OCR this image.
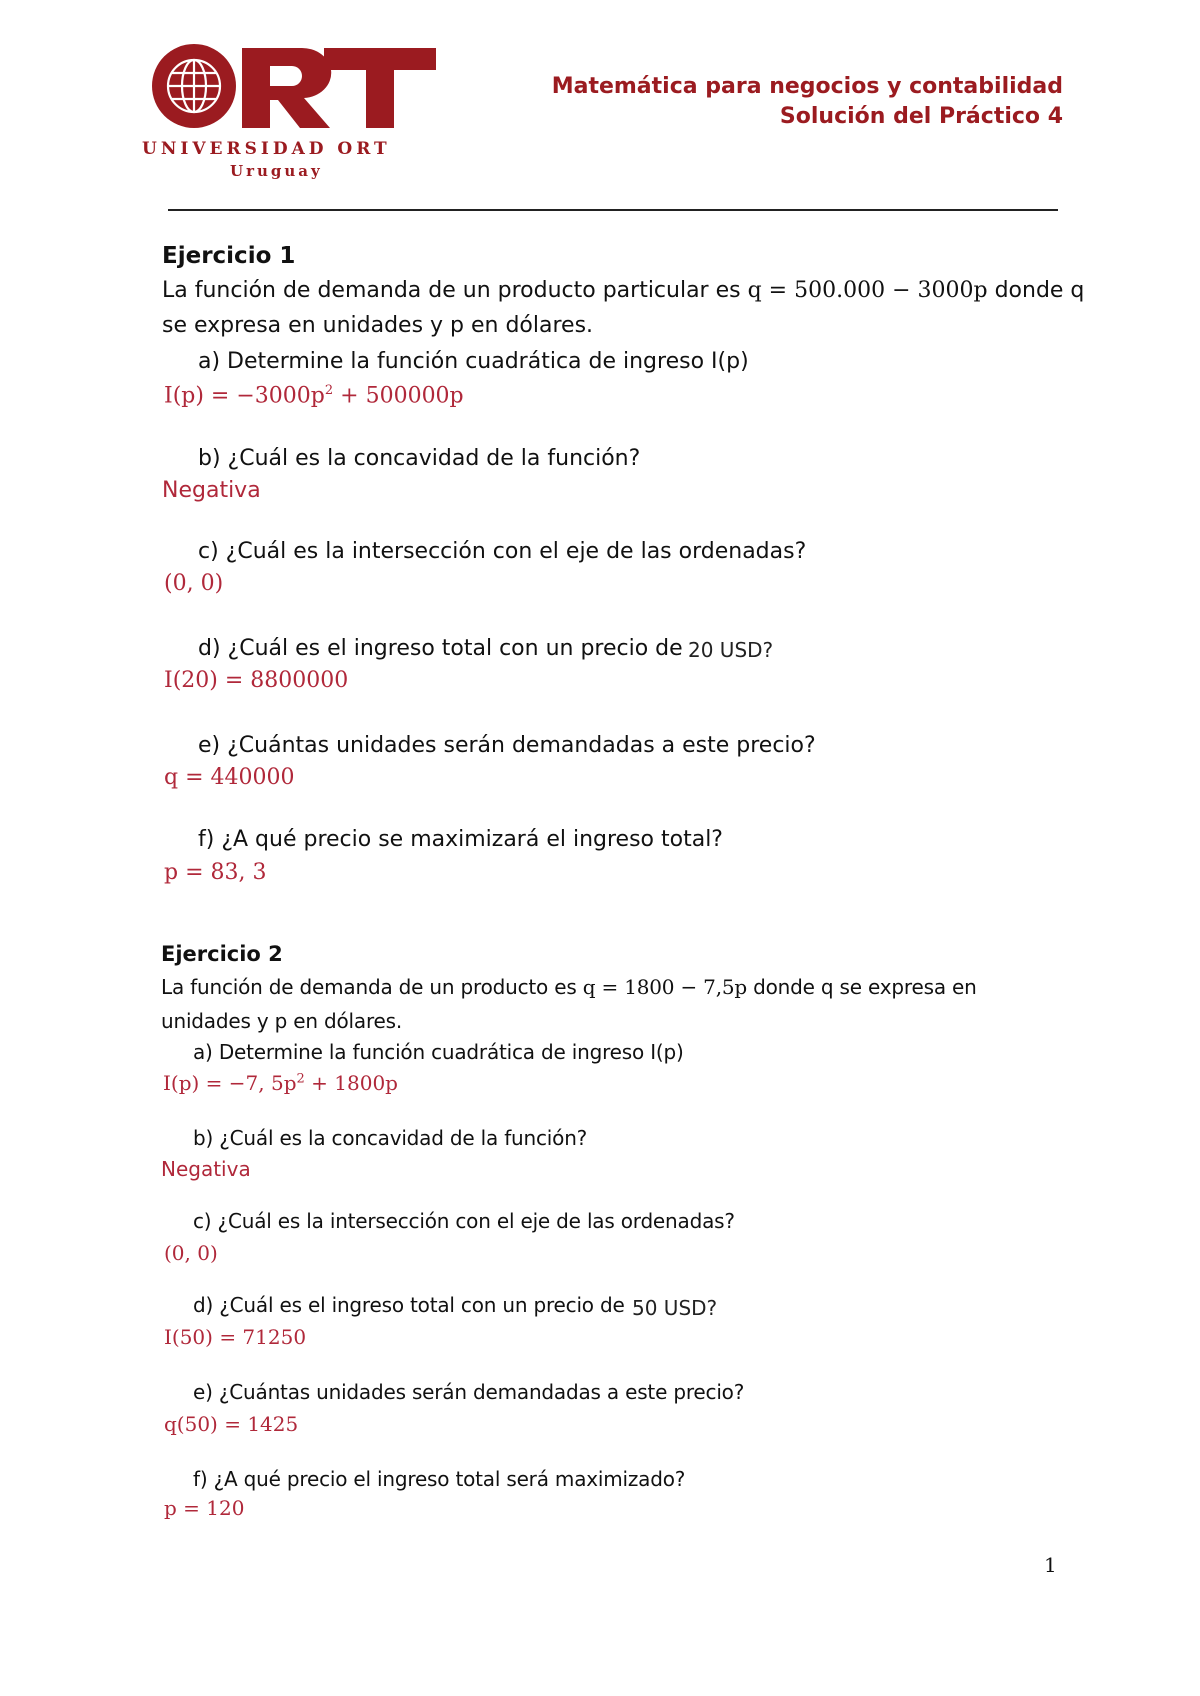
UNIVERSIDAD ORT
Uruguay
Matemática para negocios y contabilidad
Solución del Práctico 4
Ejercicio 1
La función de demanda de un producto particular es q = 500.000 − 3000p donde q
se expresa en unidades y p en dólares.
a) Determine la función cuadrática de ingreso I(p)
$I(p) = -3000p^2 + 500000p$
b) ¿Cuál es la concavidad de la función?
Negativa
c) ¿Cuál es la intersección con el eje de las ordenadas?
(0, 0)
d) ¿Cuál es el ingreso total con un precio de 20 USD?
I(20) = 8800000
e) ¿Cuántas unidades serán demandadas a este precio?
q = 440000
f) ¿A qué precio se maximizará el ingreso total?
p = 83, 3
Ejercicio 2
La función de demanda de un producto es q = 1800 − 7,5p donde q se expresa en
unidades y p en dólares.
a) Determine la función cuadrática de ingreso I(p)
I(p) = −7, $5p^2 + 1800p$
b) ¿Cuál es la concavidad de la función?
Negativa
c) ¿Cuál es la intersección con el eje de las ordenadas?
(0, 0)
d) ¿Cuál es el ingreso total con un precio de 50 USD?
I(50) = 71250
e) ¿Cuántas unidades serán demandadas a este precio?
q(50) = 1425
f) ¿A qué precio el ingreso total será maximizado?
p = 120
1
